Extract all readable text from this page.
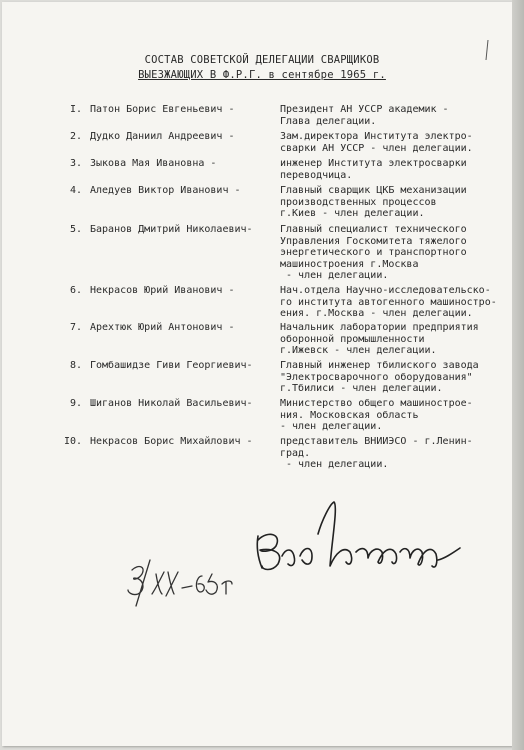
СОСТАВ СОВЕТСКОЙ ДЕЛЕГАЦИИ СВАРЩИКОВ
ВЫЕЗЖАЮЩИХ В Ф.Р.Г. в сентябре 1965 г.
I. Патон Борис Евгеньевич -	Президент АН УССР академик -
Глава делегации.
2. Дудко Даниил Андреевич -	Зам.директора Института электро-
сварки АН УССР - член делегации.
3. Зыкова Мая Ивановна -	инженер Института электросварки
переводчица.
4. Аледуев Виктор Иванович -	Главный сварщик ЦКБ механизации
производственных процессов
г.Киев - член делегации.
5. Баранов Дмитрий Николаевич-	Главный специалист технического
Управления Госкомитета тяжелого
энергетического и транспортного
машиностроения г.Москва
- член делегации.
6. Некрасов Юрий Иванович -	Нач.отдела Научно-исследовательско-
го института автогенного машиностро-
ения. г.Москва - член делегации.
7. Арехтюк Юрий Антонович -	Начальник лаборатории предприятия
оборонной промышленности
г.Ижевск - член делегации.
8. Гомбашидзе Гиви Георгиевич-	Главный инженер тбилиского завода
"Электросварочного оборудования"
г.Тбилиси - член делегации.
9. Шиганов Николай Васильевич-	Министерство общего машинострое-
ния. Московская область
- член делегации.
I0. Некрасов Борис Михайлович -	представитель ВНИИЭСО - г.Ленин-
град.
- член делегации.
